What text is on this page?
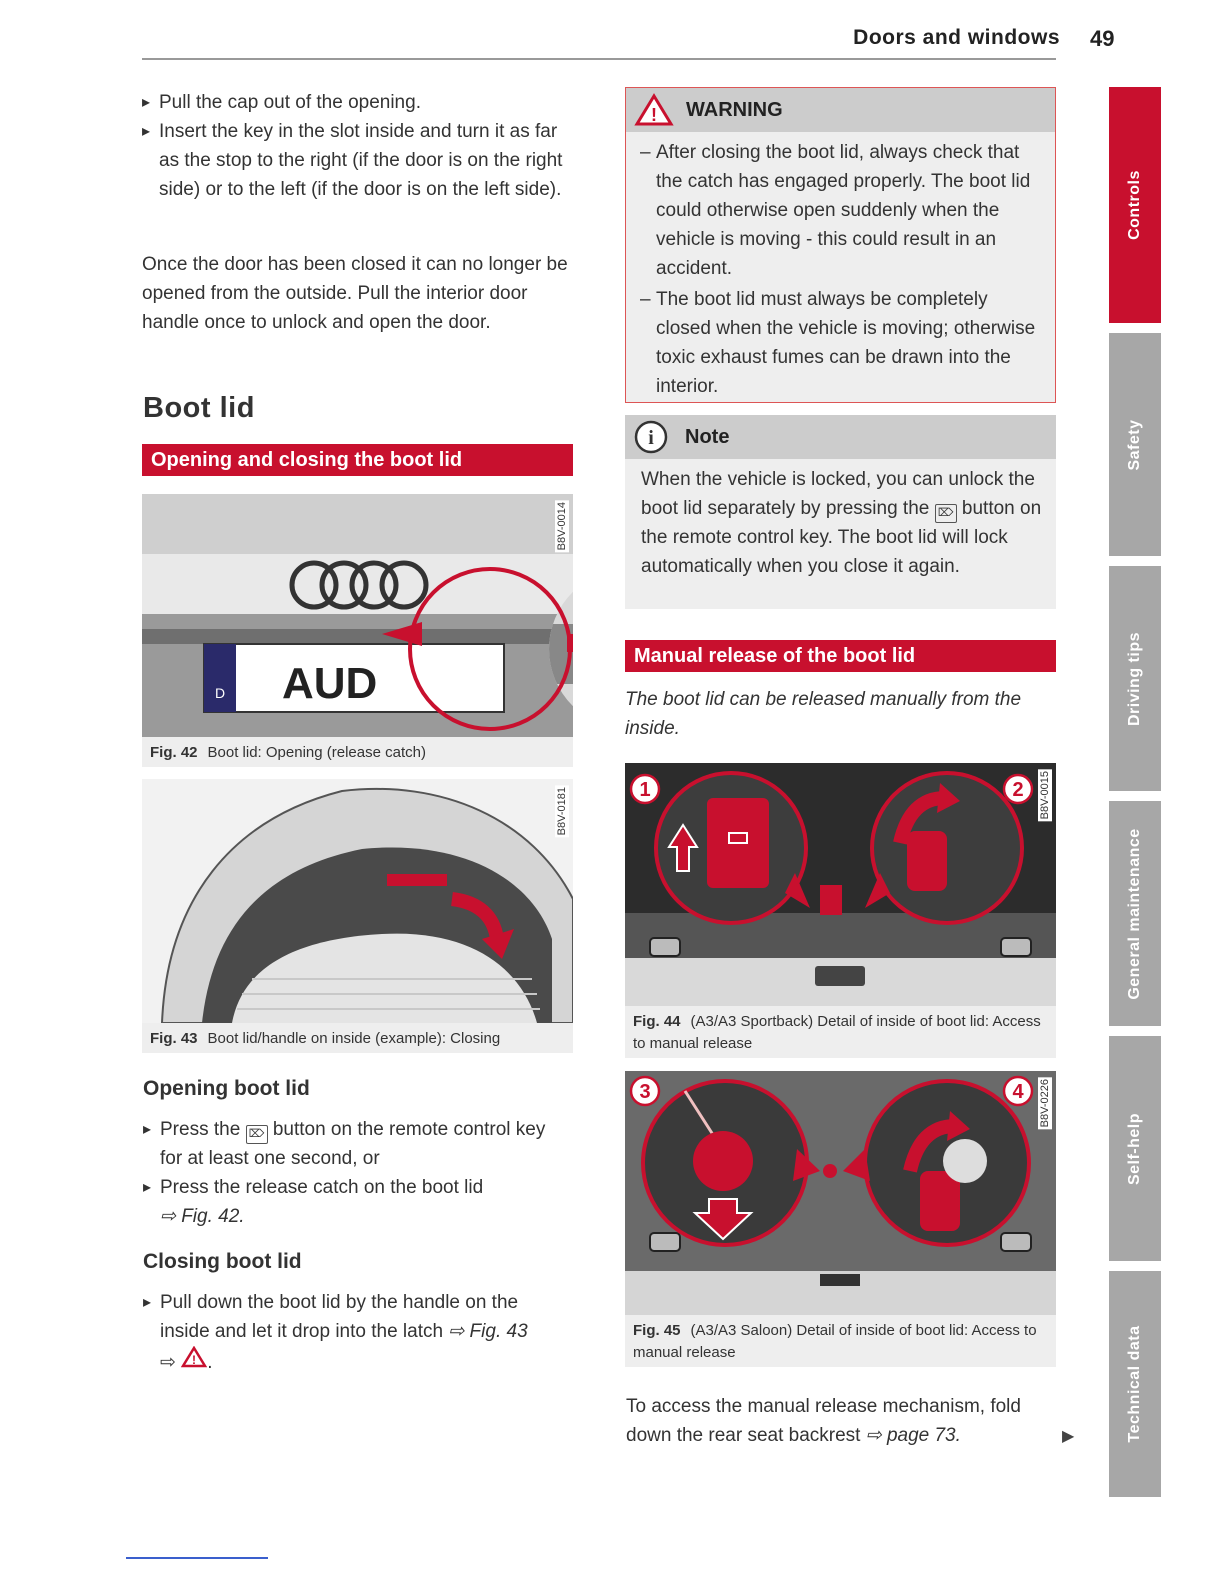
Doors and windows 49

▸ Pull the cap out of the opening.

▸ Insert the key in the slot inside and turn it as far as the stop to the right (if the door is on the right side) or to the left (if the door is on the left side).

Once the door has been closed it can no longer be opened from the outside. Pull the interior door handle once to unlock and open the door.

Boot lid
Opening and closing the boot lid
D AUD
B8V-0014
Fig. 42 Boot lid: Opening (release catch)
B8V-0181
Fig. 43 Boot lid/handle on inside (example): Closing
Opening boot lid

▸ Press the ⌦ button on the remote control key for at least one second, or

▸ Press the release catch on the boot lid
⇨ Fig. 42.

Closing boot lid

▸ Pull down the boot lid by the handle on the inside and let it drop into the latch ⇨ Fig. 43
⇨ ! .

! WARNING

– After closing the boot lid, always check that the catch has engaged properly. The boot lid could otherwise open suddenly when the vehicle is moving - this could result in an accident.

– The boot lid must always be completely closed when the vehicle is moving; otherwise toxic exhaust fumes can be drawn into the interior.

i Note

When the vehicle is locked, you can unlock the boot lid separately by pressing the ⌦ button on the remote control key. The boot lid will lock automatically when you close it again.

Manual release of the boot lid

The boot lid can be released manually from the inside.

1	2 B8V-0015
Fig. 44 (A3/A3 Sportback) Detail of inside of boot lid: Access to manual release
3	4 B8V-0226
Fig. 45 (A3/A3 Saloon) Detail of inside of boot lid: Access to manual release

To access the manual release mechanism, fold down the rear seat backrest ⇨ page 73.	▶
Controls
Safety
Driving tips
General maintenance
Self-help
Technical data
